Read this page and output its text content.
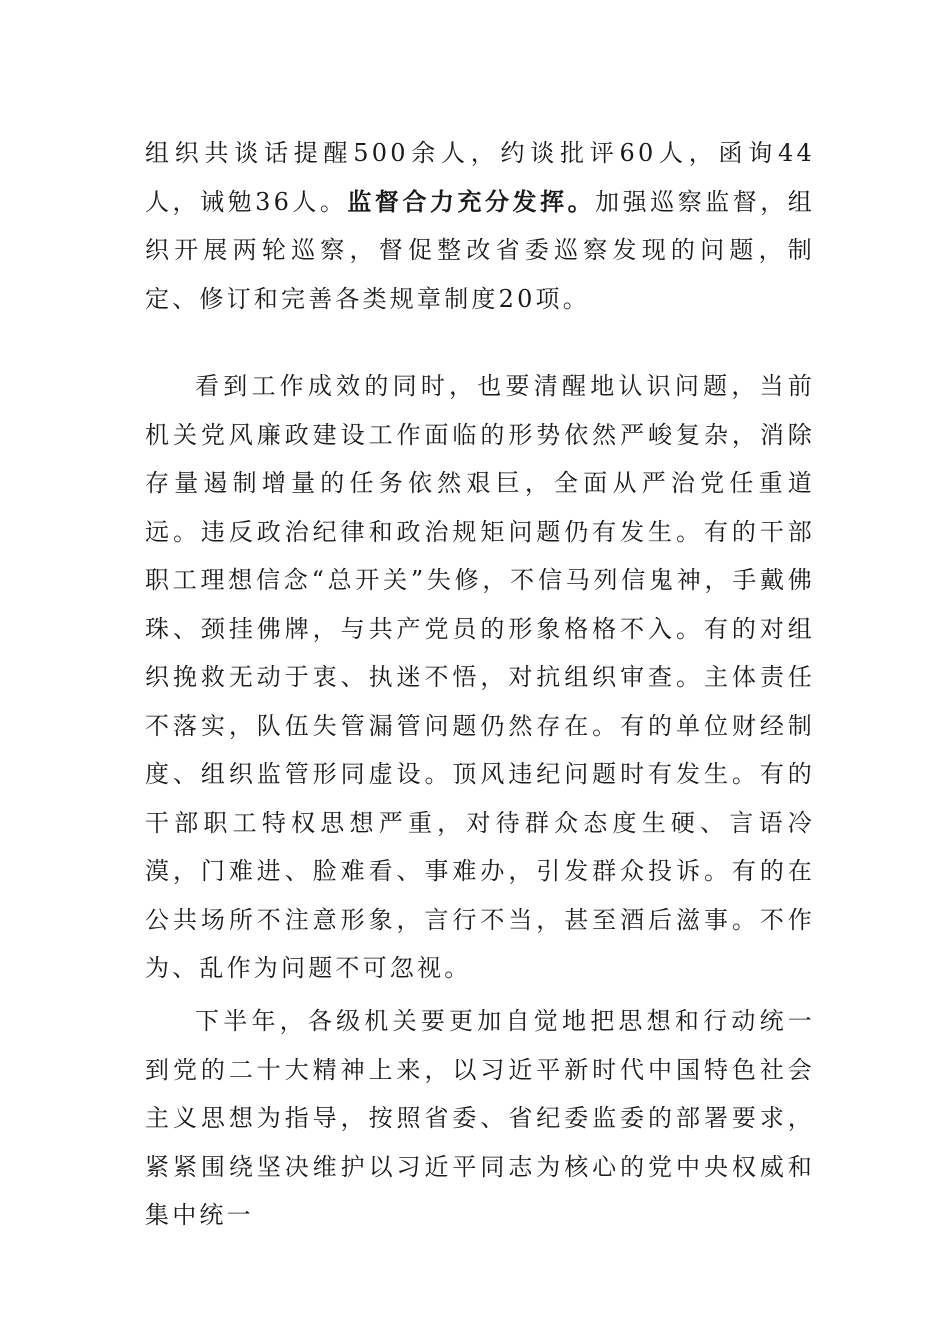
组织共谈话提醒500余人，约谈批评60人，函询44人，诫勉36人。监督合力充分发挥。加强巡察监督，组织开展两轮巡察，督促整改省委巡察发现的问题，制定、修订和完善各类规章制度20项。

看到工作成效的同时，也要清醒地认识问题，当前机关党风廉政建设工作面临的形势依然严峻复杂，消除存量遏制增量的任务依然艰巨，全面从严治党任重道远。违反政治纪律和政治规矩问题仍有发生。有的干部职工理想信念“总开关”失修，不信马列信鬼神，手戴佛珠、颈挂佛牌，与共产党员的形象格格不入。有的对组织挽救无动于衷、执迷不悟，对抗组织审查。主体责任不落实，队伍失管漏管问题仍然存在。有的单位财经制度、组织监管形同虚设。顶风违纪问题时有发生。有的干部职工特权思想严重，对待群众态度生硬、言语冷漠，门难进、脸难看、事难办，引发群众投诉。有的在公共场所不注意形象，言行不当，甚至酒后滋事。不作为、乱作为问题不可忽视。

下半年，各级机关要更加自觉地把思想和行动统一到党的二十大精神上来，以习近平新时代中国特色社会主义思想为指导，按照省委、省纪委监委的部署要求，紧紧围绕坚决维护以习近平同志为核心的党中央权威和集中统一
